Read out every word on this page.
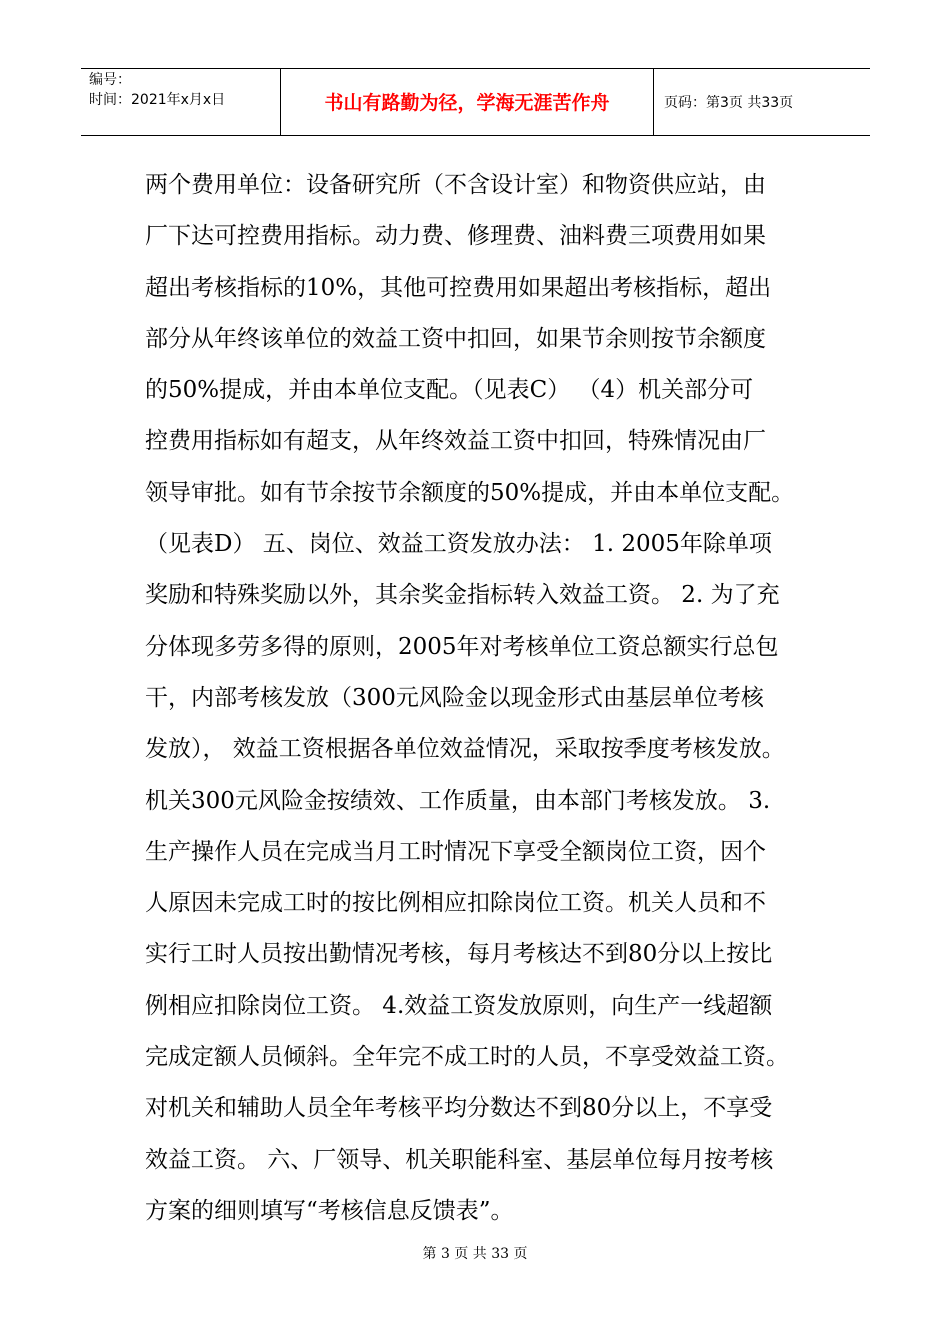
编号：
时间：2021年x月x日	书山有路勤为径，学海无涯苦作舟	页码：第3页 共33页
两个费用单位：设备研究所（不含设计室）和物资供应站，由
厂下达可控费用指标。动力费、修理费、油料费三项费用如果
超出考核指标的10%，其他可控费用如果超出考核指标，超出
部分从年终该单位的效益工资中扣回，如果节余则按节余额度
的50%提成，并由本单位支配。（见表C） （4）机关部分可
控费用指标如有超支，从年终效益工资中扣回，特殊情况由厂
领导审批。如有节余按节余额度的50%提成，并由本单位支配。
（见表D） 五、岗位、效益工资发放办法： 1. 2005年除单项
奖励和特殊奖励以外，其余奖金指标转入效益工资。 2. 为了充
分体现多劳多得的原则，2005年对考核单位工资总额实行总包
干，内部考核发放（300元风险金以现金形式由基层单位考核
发放）， 效益工资根据各单位效益情况，采取按季度考核发放。
机关300元风险金按绩效、工作质量，由本部门考核发放。 3.
生产操作人员在完成当月工时情况下享受全额岗位工资，因个
人原因未完成工时的按比例相应扣除岗位工资。机关人员和不
实行工时人员按出勤情况考核，每月考核达不到80分以上按比
例相应扣除岗位工资。 4.效益工资发放原则，向生产一线超额
完成定额人员倾斜。全年完不成工时的人员，不享受效益工资。
对机关和辅助人员全年考核平均分数达不到80分以上，不享受
效益工资。 六、厂领导、机关职能科室、基层单位每月按考核
方案的细则填写“考核信息反馈表”。
第 3 页 共 33 页
